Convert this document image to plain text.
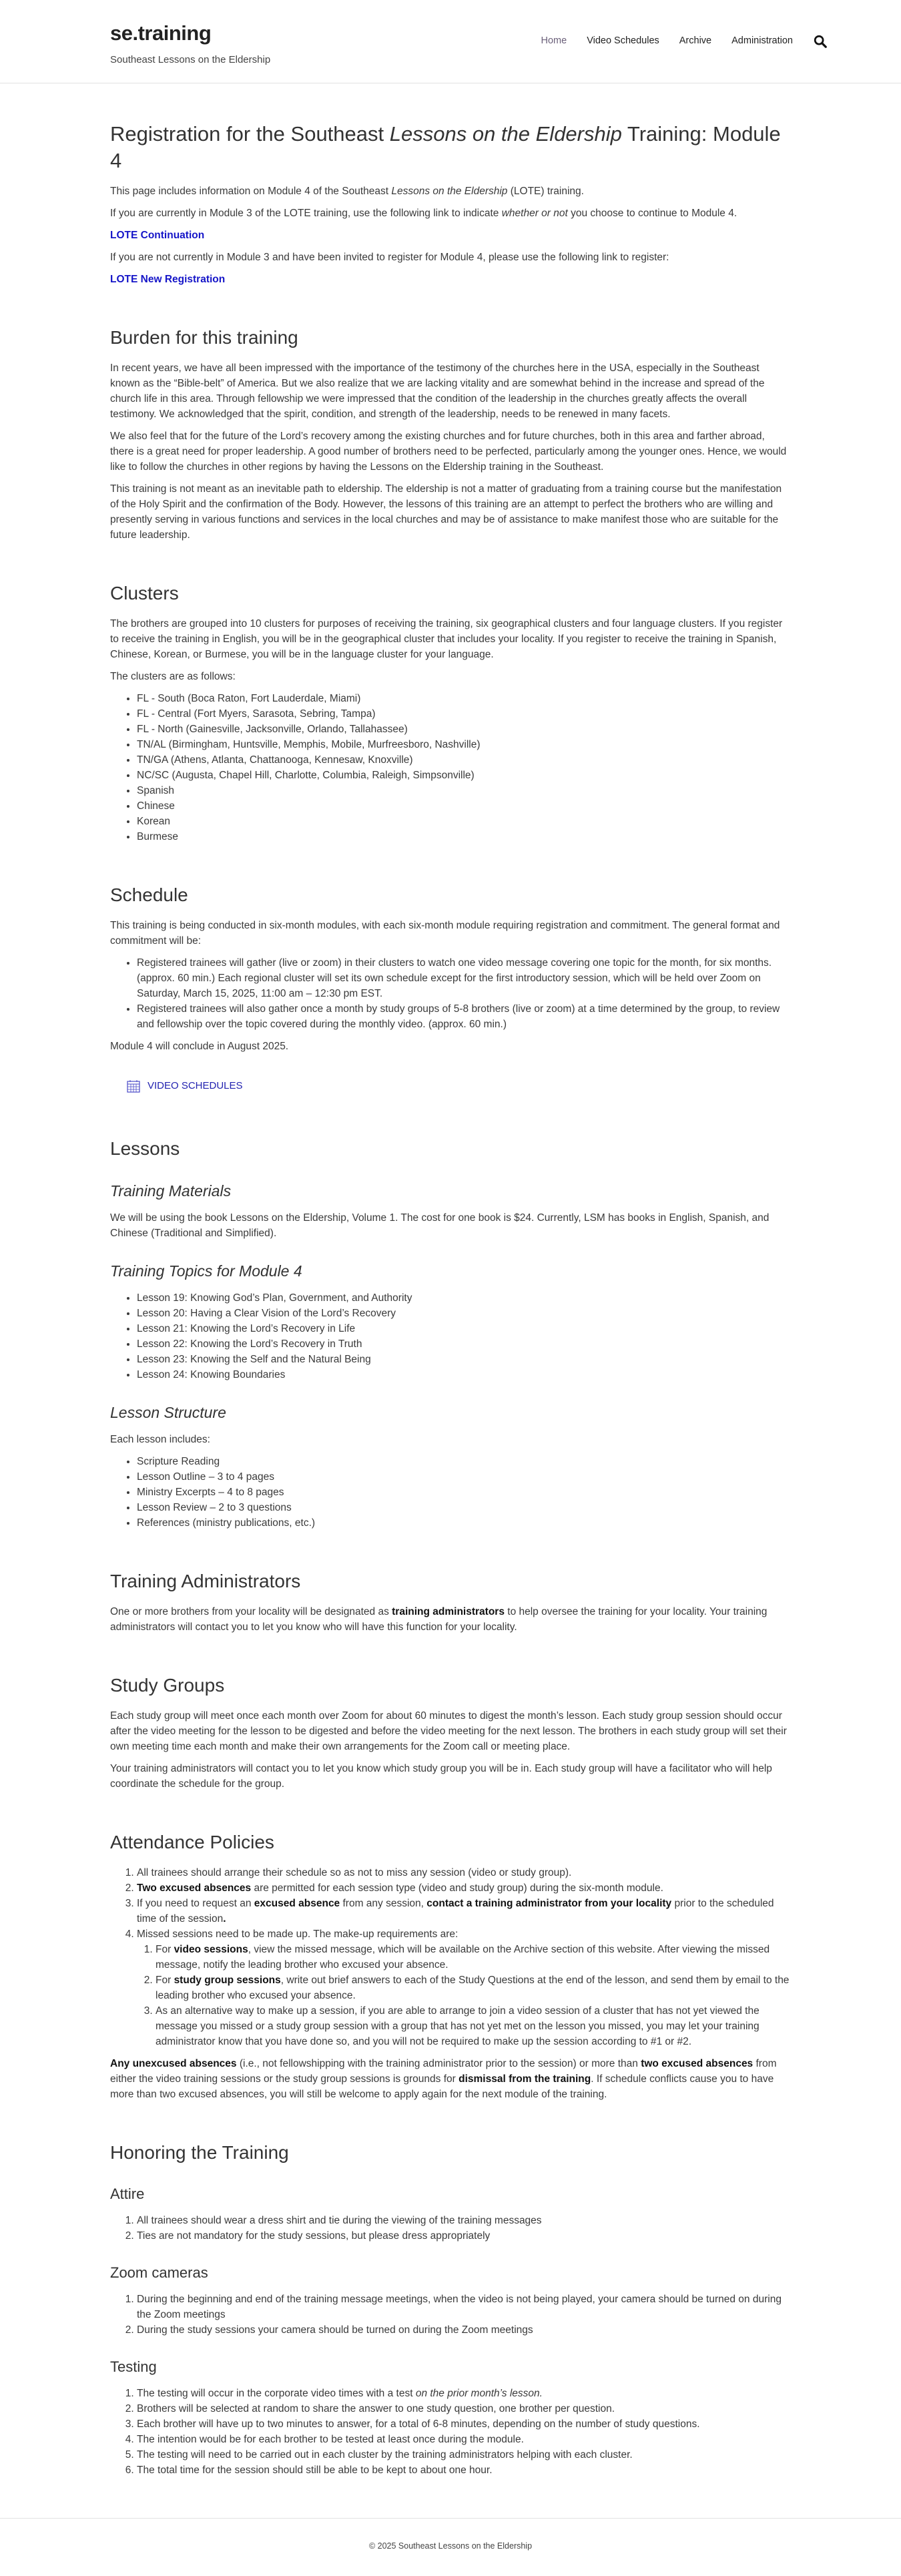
se.training
Southeast Lessons on the Eldership
Home Video Schedules Archive Administration
Registration for the Southeast Lessons on the Eldership Training: Module 4

This page includes information on Module 4 of the Southeast Lessons on the Eldership (LOTE) training.

If you are currently in Module 3 of the LOTE training, use the following link to indicate whether or not you choose to continue to Module 4.

LOTE Continuation

If you are not currently in Module 3 and have been invited to register for Module 4, please use the following link to register:

LOTE New Registration

Burden for this training

In recent years, we have all been impressed with the importance of the testimony of the churches here in the USA, especially in the Southeast known as the “Bible-belt” of America. But we also realize that we are lacking vitality and are somewhat behind in the increase and spread of the church life in this area. Through fellowship we were impressed that the condition of the leadership in the churches greatly affects the overall testimony. We acknowledged that the spirit, condition, and strength of the leadership, needs to be renewed in many facets.

We also feel that for the future of the Lord’s recovery among the existing churches and for future churches, both in this area and farther abroad, there is a great need for proper leadership. A good number of brothers need to be perfected, particularly among the younger ones. Hence, we would like to follow the churches in other regions by having the Lessons on the Eldership training in the Southeast.

This training is not meant as an inevitable path to eldership. The eldership is not a matter of graduating from a training course but the manifestation of the Holy Spirit and the confirmation of the Body. However, the lessons of this training are an attempt to perfect the brothers who are willing and presently serving in various functions and services in the local churches and may be of assistance to make manifest those who are suitable for the future leadership.

Clusters

The brothers are grouped into 10 clusters for purposes of receiving the training, six geographical clusters and four language clusters. If you register to receive the training in English, you will be in the geographical cluster that includes your locality. If you register to receive the training in Spanish, Chinese, Korean, or Burmese, you will be in the language cluster for your language.

The clusters are as follows:

• FL - South (Boca Raton, Fort Lauderdale, Miami)
• FL - Central (Fort Myers, Sarasota, Sebring, Tampa)
• FL - North (Gainesville, Jacksonville, Orlando, Tallahassee)
• TN/AL (Birmingham, Huntsville, Memphis, Mobile, Murfreesboro, Nashville)
• TN/GA (Athens, Atlanta, Chattanooga, Kennesaw, Knoxville)
• NC/SC (Augusta, Chapel Hill, Charlotte, Columbia, Raleigh, Simpsonville)
• Spanish
• Chinese
• Korean
• Burmese
Schedule

This training is being conducted in six-month modules, with each six-month module requiring registration and commitment. The general format and commitment will be:

• Registered trainees will gather (live or zoom) in their clusters to watch one video message covering one topic for the month, for six months. (approx. 60 min.) Each regional cluster will set its own schedule except for the first introductory session, which will be held over Zoom on Saturday, March 15, 2025, 11:00 am – 12:30 pm EST.
• Registered trainees will also gather once a month by study groups of 5-8 brothers (live or zoom) at a time determined by the group, to review and fellowship over the topic covered during the monthly video. (approx. 60 min.)

Module 4 will conclude in August 2025.

VIDEO SCHEDULES
Lessons
Training Materials

We will be using the book Lessons on the Eldership, Volume 1. The cost for one book is $24. Currently, LSM has books in English, Spanish, and Chinese (Traditional and Simplified).

Training Topics for Module 4
• Lesson 19: Knowing God’s Plan, Government, and Authority
• Lesson 20: Having a Clear Vision of the Lord’s Recovery
• Lesson 21: Knowing the Lord’s Recovery in Life
• Lesson 22: Knowing the Lord’s Recovery in Truth
• Lesson 23: Knowing the Self and the Natural Being
• Lesson 24: Knowing Boundaries
Lesson Structure

Each lesson includes:

• Scripture Reading
• Lesson Outline – 3 to 4 pages
• Ministry Excerpts – 4 to 8 pages
• Lesson Review – 2 to 3 questions
• References (ministry publications, etc.)
Training Administrators

One or more brothers from your locality will be designated as training administrators to help oversee the training for your locality. Your training administrators will contact you to let you know who will have this function for your locality.

Study Groups

Each study group will meet once each month over Zoom for about 60 minutes to digest the month’s lesson. Each study group session should occur after the video meeting for the lesson to be digested and before the video meeting for the next lesson. The brothers in each study group will set their own meeting time each month and make their own arrangements for the Zoom call or meeting place.

Your training administrators will contact you to let you know which study group you will be in. Each study group will have a facilitator who will help coordinate the schedule for the group.

Attendance Policies
1. All trainees should arrange their schedule so as not to miss any session (video or study group).
2. Two excused absences are permitted for each session type (video and study group) during the six-month module.
3. If you need to request an excused absence from any session, contact a training administrator from your locality prior to the scheduled time of the session.
4. Missed sessions need to be made up. The make-up requirements are:
1. For video sessions, view the missed message, which will be available on the Archive section of this website. After viewing the missed message, notify the leading brother who excused your absence.
2. For study group sessions, write out brief answers to each of the Study Questions at the end of the lesson, and send them by email to the leading brother who excused your absence.
3. As an alternative way to make up a session, if you are able to arrange to join a video session of a cluster that has not yet viewed the message you missed or a study group session with a group that has not yet met on the lesson you missed, you may let your training administrator know that you have done so, and you will not be required to make up the session according to #1 or #2.

Any unexcused absences (i.e., not fellowshipping with the training administrator prior to the session) or more than two excused absences from either the video training sessions or the study group sessions is grounds for dismissal from the training. If schedule conflicts cause you to have more than two excused absences, you will still be welcome to apply again for the next module of the training.

Honoring the Training
Attire
1. All trainees should wear a dress shirt and tie during the viewing of the training messages
2. Ties are not mandatory for the study sessions, but please dress appropriately
Zoom cameras
1. During the beginning and end of the training message meetings, when the video is not being played, your camera should be turned on during the Zoom meetings
2. During the study sessions your camera should be turned on during the Zoom meetings
Testing
1. The testing will occur in the corporate video times with a test on the prior month’s lesson.
2. Brothers will be selected at random to share the answer to one study question, one brother per question.
3. Each brother will have up to two minutes to answer, for a total of 6-8 minutes, depending on the number of study questions.
4. The intention would be for each brother to be tested at least once during the module.
5. The testing will need to be carried out in each cluster by the training administrators helping with each cluster.
6. The total time for the session should still be able to be kept to about one hour.
© 2025 Southeast Lessons on the Eldership
